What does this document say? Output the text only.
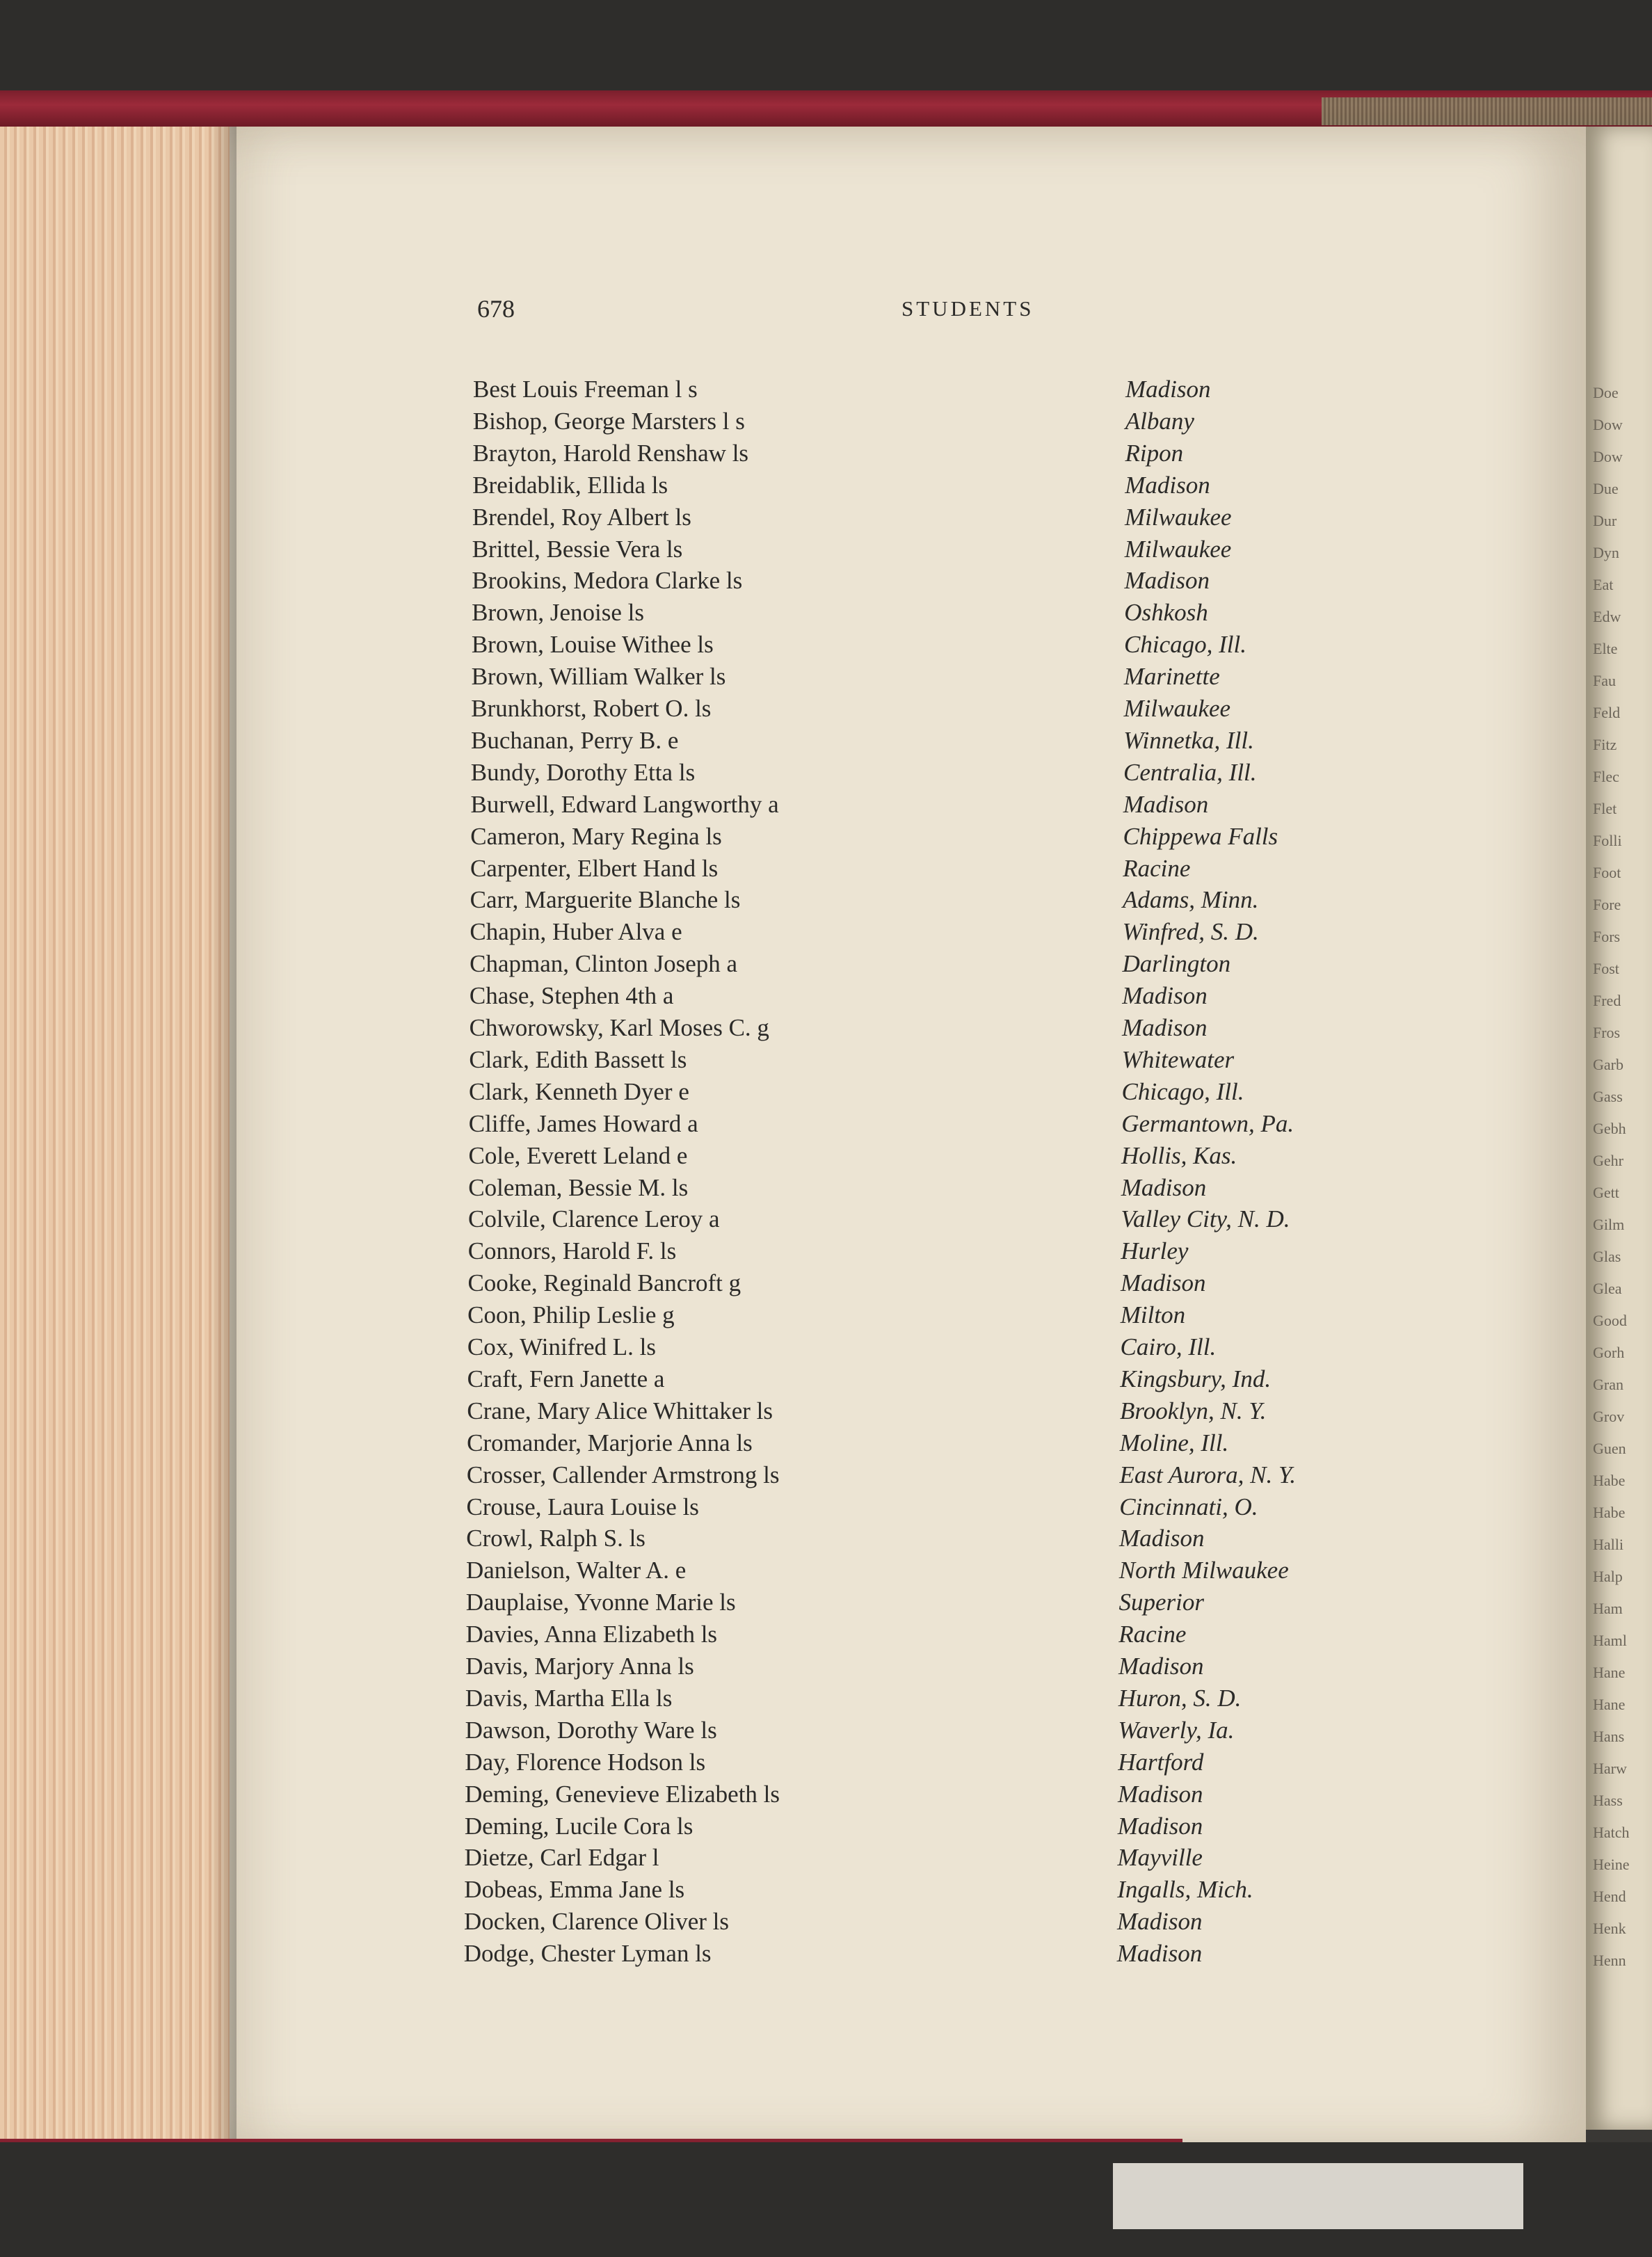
Doe
Dow
Dow
Due
Dur
Dyn
Eat
Edw
Elte
Fau
Feld
Fitz
Flec
Flet
Folli
Foot
Fore
Fors
Fost
Fred
Fros
Garb
Gass
Gebh
Gehr
Gett
Gilm
Glas
Glea
Good
Gorh
Gran
Grov
Guen
Habe
Habe
Halli
Halp
Ham
Haml
Hane
Hane
Hans
Harw
Hass
Hatch
Heine
Hend
Henk
Henn
678	STUDENTS
Best Louis Freeman l s	Madison
Bishop, George Marsters l s	Albany
Brayton, Harold Renshaw ls	Ripon
Breidablik, Ellida ls	Madison
Brendel, Roy Albert ls	Milwaukee
Brittel, Bessie Vera ls	Milwaukee
Brookins, Medora Clarke ls	Madison
Brown, Jenoise ls	Oshkosh
Brown, Louise Withee ls	Chicago, Ill.
Brown, William Walker ls	Marinette
Brunkhorst, Robert O. ls	Milwaukee
Buchanan, Perry B. e	Winnetka, Ill.
Bundy, Dorothy Etta ls	Centralia, Ill.
Burwell, Edward Langworthy a	Madison
Cameron, Mary Regina ls	Chippewa Falls
Carpenter, Elbert Hand ls	Racine
Carr, Marguerite Blanche ls	Adams, Minn.
Chapin, Huber Alva e	Winfred, S. D.
Chapman, Clinton Joseph a	Darlington
Chase, Stephen 4th a	Madison
Chworowsky, Karl Moses C. g	Madison
Clark, Edith Bassett ls	Whitewater
Clark, Kenneth Dyer e	Chicago, Ill.
Cliffe, James Howard a	Germantown, Pa.
Cole, Everett Leland e	Hollis, Kas.
Coleman, Bessie M. ls	Madison
Colvile, Clarence Leroy a	Valley City, N. D.
Connors, Harold F. ls	Hurley
Cooke, Reginald Bancroft g	Madison
Coon, Philip Leslie g	Milton
Cox, Winifred L. ls	Cairo, Ill.
Craft, Fern Janette a	Kingsbury, Ind.
Crane, Mary Alice Whittaker ls	Brooklyn, N. Y.
Cromander, Marjorie Anna ls	Moline, Ill.
Crosser, Callender Armstrong ls	East Aurora, N. Y.
Crouse, Laura Louise ls	Cincinnati, O.
Crowl, Ralph S. ls	Madison
Danielson, Walter A. e	North Milwaukee
Dauplaise, Yvonne Marie ls	Superior
Davies, Anna Elizabeth ls	Racine
Davis, Marjory Anna ls	Madison
Davis, Martha Ella ls	Huron, S. D.
Dawson, Dorothy Ware ls	Waverly, Ia.
Day, Florence Hodson ls	Hartford
Deming, Genevieve Elizabeth ls	Madison
Deming, Lucile Cora ls	Madison
Dietze, Carl Edgar l	Mayville
Dobeas, Emma Jane ls	Ingalls, Mich.
Docken, Clarence Oliver ls	Madison
Dodge, Chester Lyman ls	Madison
